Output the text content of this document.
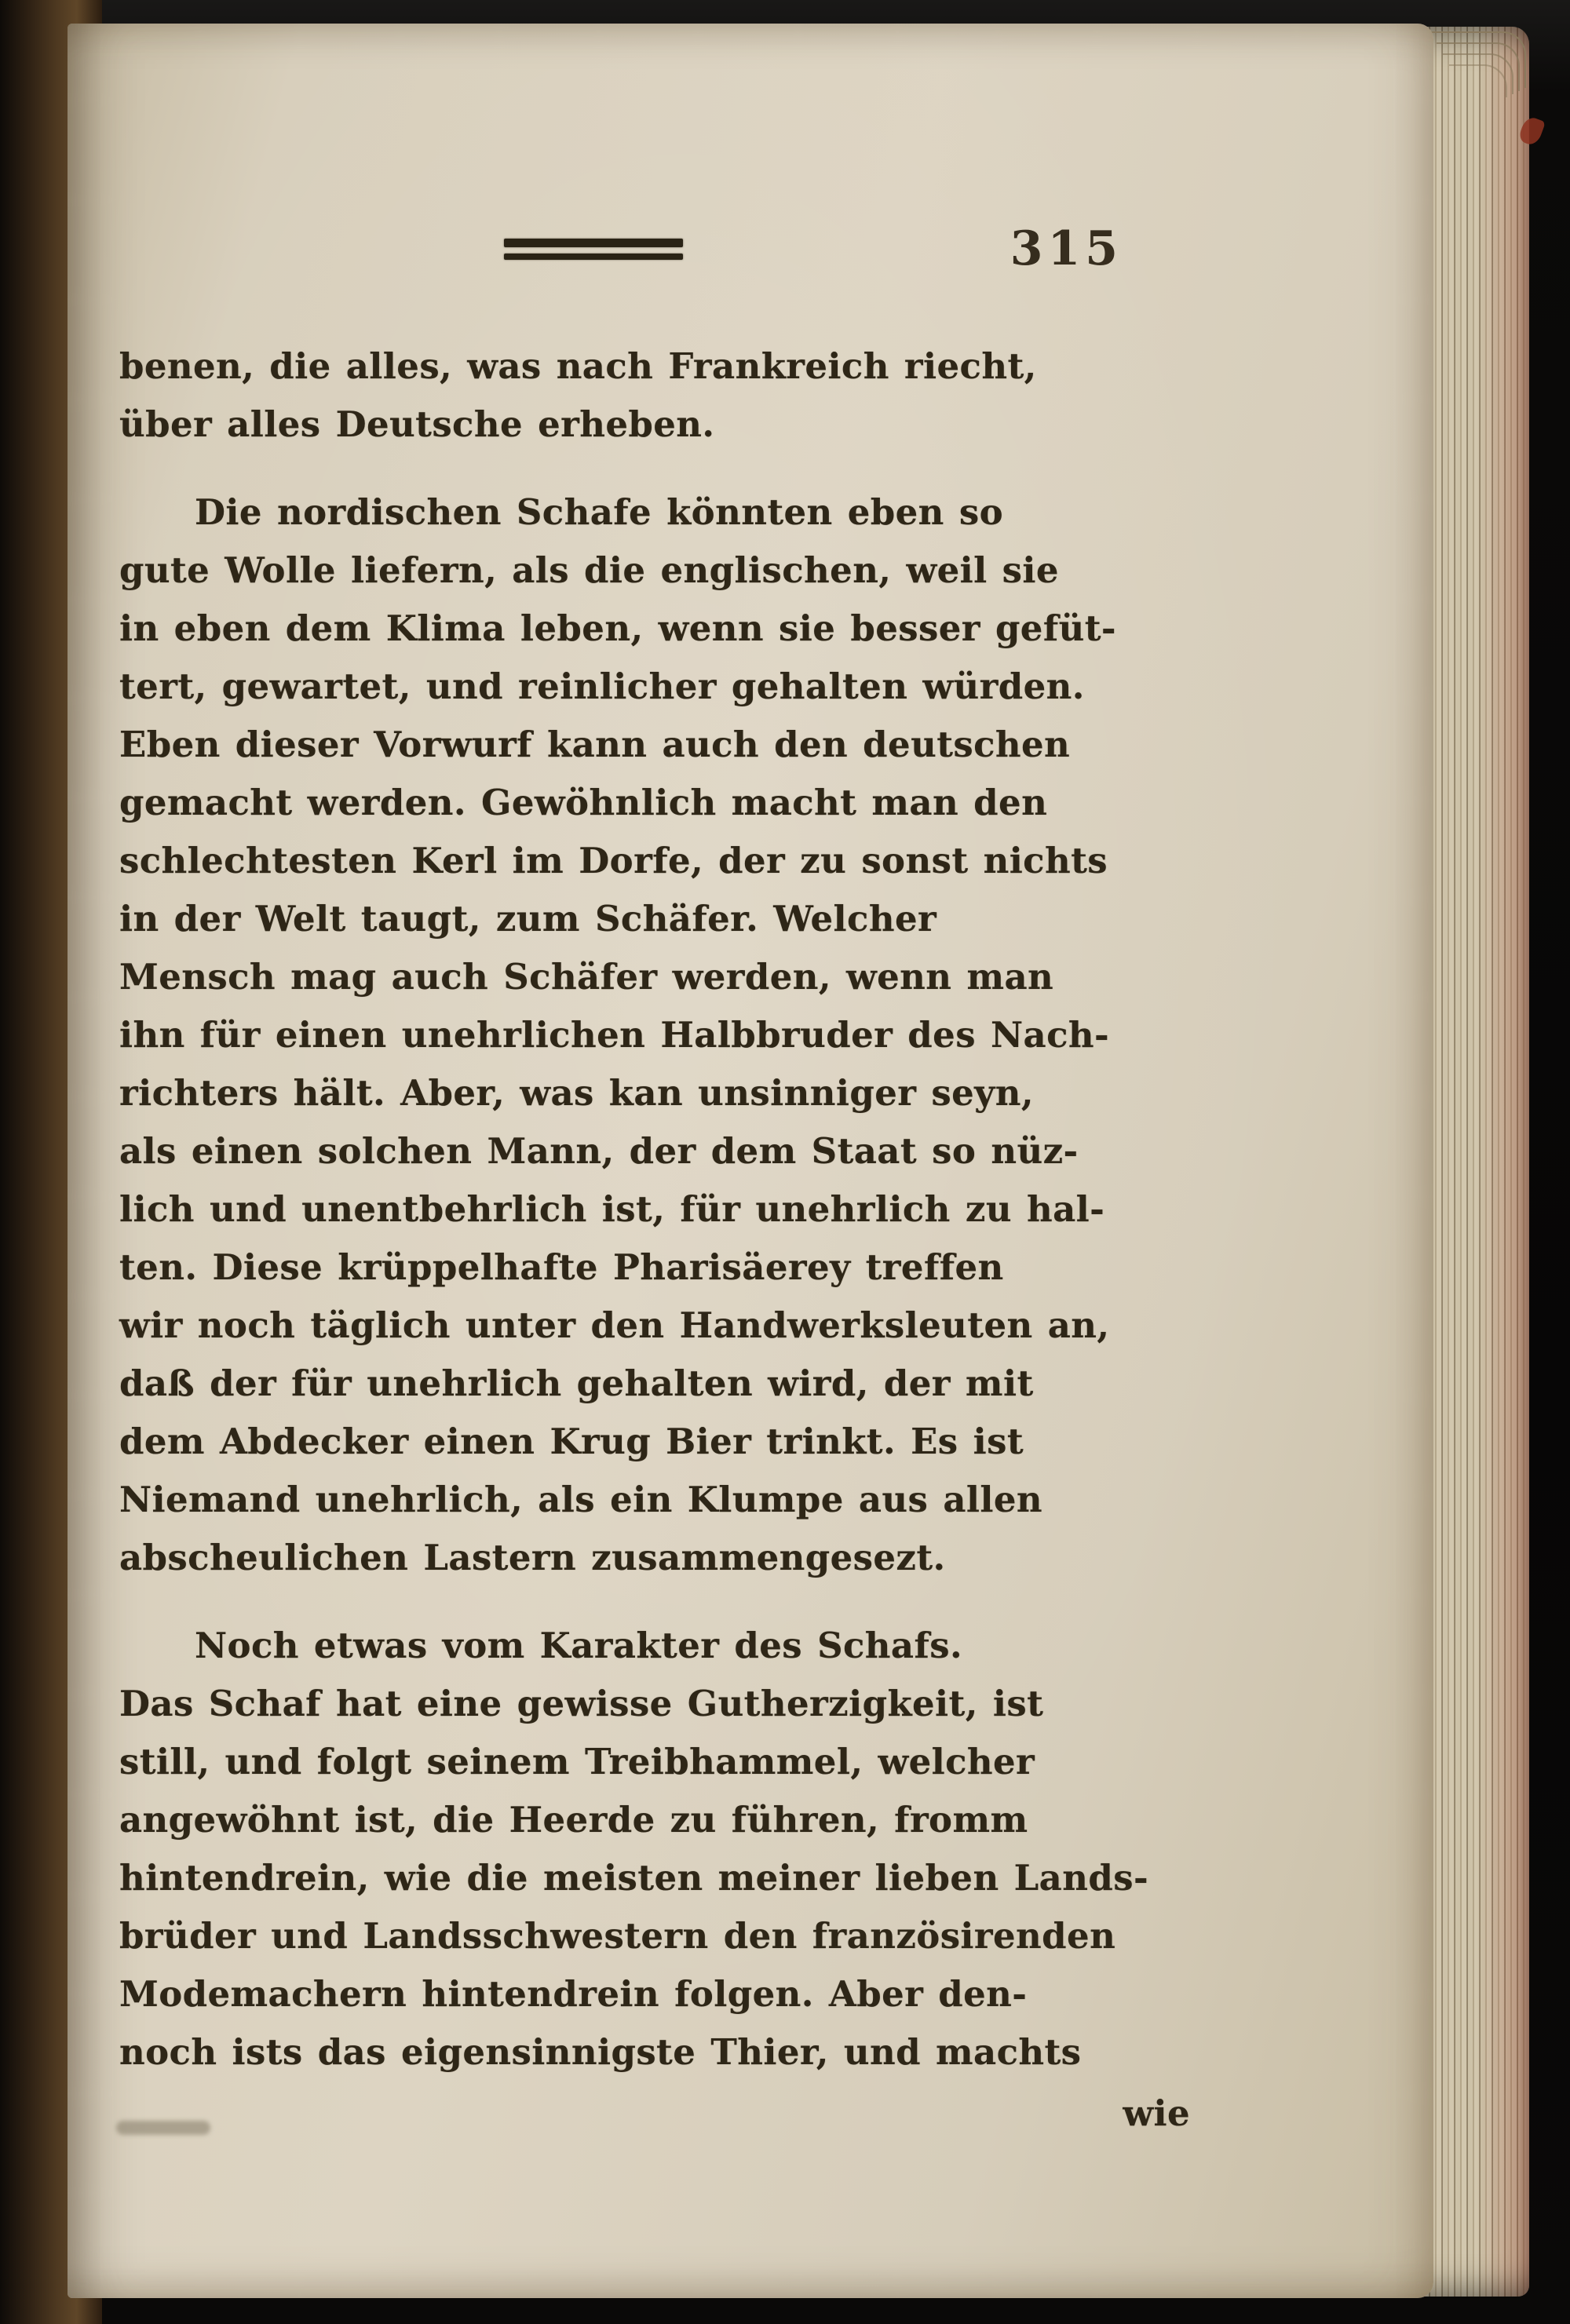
315
benen, die alles, was nach Frankreich riecht,
über alles Deutsche erheben.
Die nordischen Schafe könnten eben so
gute Wolle liefern, als die englischen, weil sie
in eben dem Klima leben, wenn sie besser gefüt-
tert, gewartet, und reinlicher gehalten würden.
Eben dieser Vorwurf kann auch den deutschen
gemacht werden. Gewöhnlich macht man den
schlechtesten Kerl im Dorfe, der zu sonst nichts
in der Welt taugt, zum Schäfer. Welcher
Mensch mag auch Schäfer werden, wenn man
ihn für einen unehrlichen Halbbruder des Nach-
richters hält. Aber, was kan unsinniger seyn,
als einen solchen Mann, der dem Staat so nüz-
lich und unentbehrlich ist, für unehrlich zu hal-
ten. Diese krüppelhafte Pharisäerey treffen
wir noch täglich unter den Handwerksleuten an,
daß der für unehrlich gehalten wird, der mit
dem Abdecker einen Krug Bier trinkt. Es ist
Niemand unehrlich, als ein Klumpe aus allen
abscheulichen Lastern zusammengesezt.
Noch etwas vom Karakter des Schafs.
Das Schaf hat eine gewisse Gutherzigkeit, ist
still, und folgt seinem Treibhammel, welcher
angewöhnt ist, die Heerde zu führen, fromm
hintendrein, wie die meisten meiner lieben Lands-
brüder und Landsschwestern den französirenden
Modemachern hintendrein folgen. Aber den-
noch ists das eigensinnigste Thier, und machts
wie
